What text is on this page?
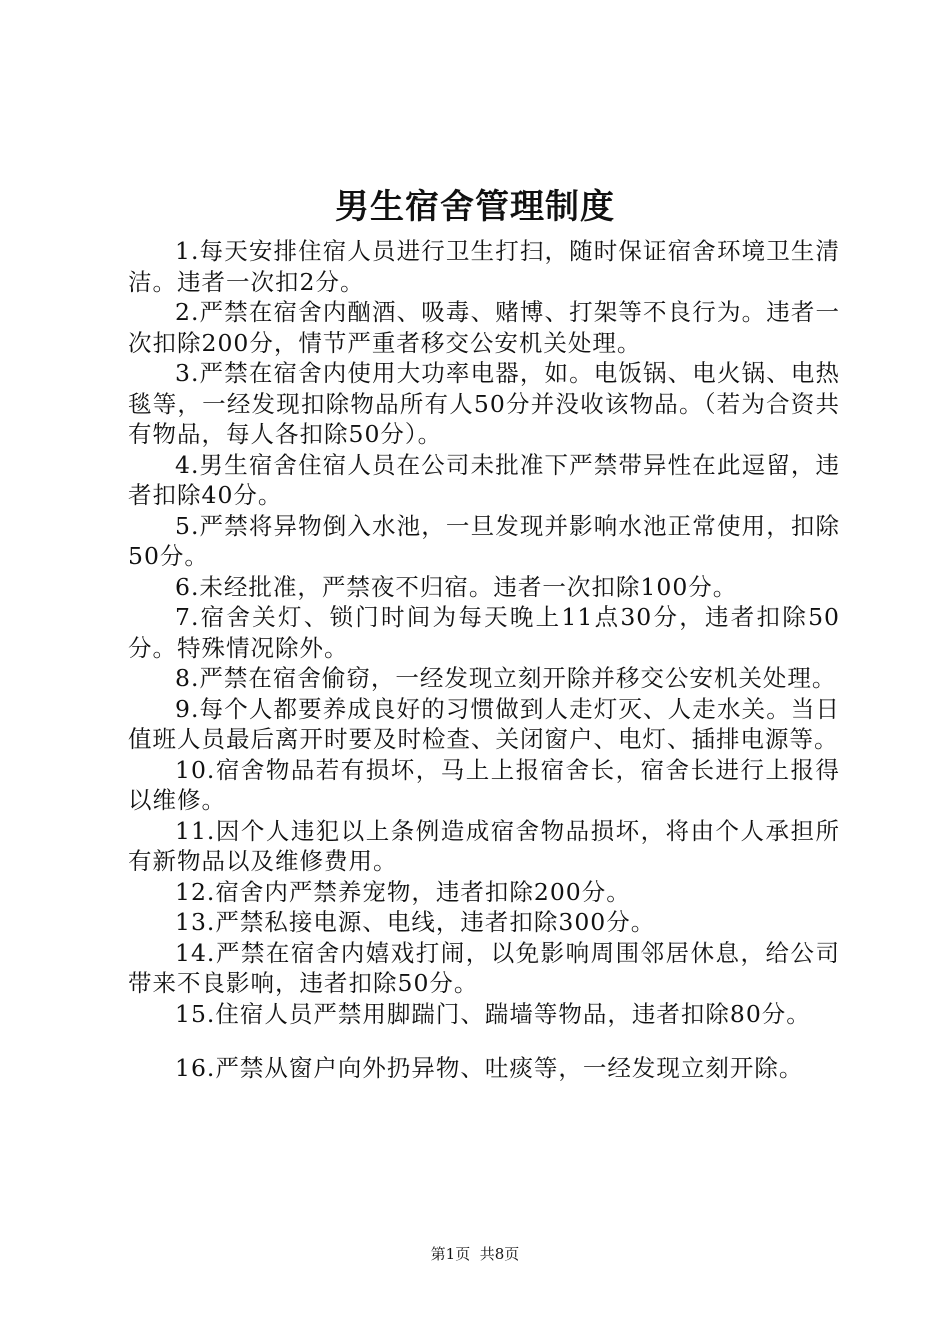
男生宿舍管理制度

1.每天安排住宿人员进行卫生打扫，随时保证宿舍环境卫生清洁。违者一次扣2分。

2.严禁在宿舍内酗酒、吸毒、赌博、打架等不良行为。违者一次扣除200分，情节严重者移交公安机关处理。

3.严禁在宿舍内使用大功率电器，如。电饭锅、电火锅、电热毯等，一经发现扣除物品所有人50分并没收该物品。（若为合资共有物品，每人各扣除50分）。

4.男生宿舍住宿人员在公司未批准下严禁带异性在此逗留，违者扣除40分。

5.严禁将异物倒入水池，一旦发现并影响水池正常使用，扣除50分。

6.未经批准，严禁夜不归宿。违者一次扣除100分。

7.宿舍关灯、锁门时间为每天晚上11点30分，违者扣除50分。特殊情况除外。

8.严禁在宿舍偷窃，一经发现立刻开除并移交公安机关处理。

9.每个人都要养成良好的习惯做到人走灯灭、人走水关。当日值班人员最后离开时要及时检查、关闭窗户、电灯、插排电源等。

10.宿舍物品若有损坏，马上上报宿舍长，宿舍长进行上报得以维修。

11.因个人违犯以上条例造成宿舍物品损坏，将由个人承担所有新物品以及维修费用。

12.宿舍内严禁养宠物，违者扣除200分。

13.严禁私接电源、电线，违者扣除300分。

14.严禁在宿舍内嬉戏打闹，以免影响周围邻居休息，给公司带来不良影响，违者扣除50分。

15.住宿人员严禁用脚踹门、踹墙等物品，违者扣除80分。

16.严禁从窗户向外扔异物、吐痰等，一经发现立刻开除。

第1页 共8页
